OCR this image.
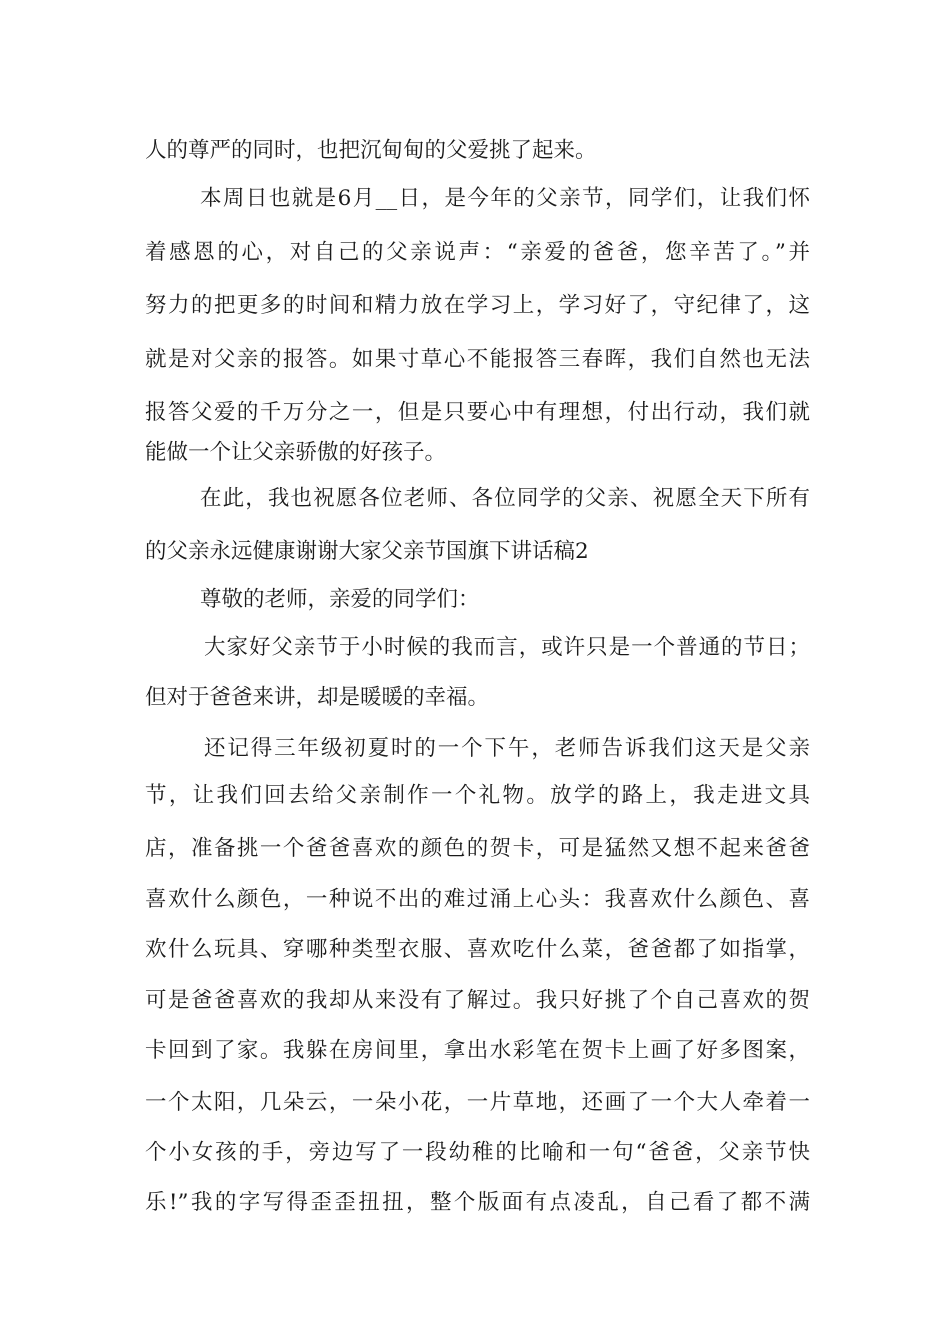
人的尊严的同时，也把沉甸甸的父爱挑了起来。
本周日也就是6月__日，是今年的父亲节，同学们，让我们怀
着感恩的心，对自己的父亲说声：“亲爱的爸爸，您辛苦了。”并
努力的把更多的时间和精力放在学习上，学习好了，守纪律了，这
就是对父亲的报答。如果寸草心不能报答三春晖，我们自然也无法
报答父爱的千万分之一，但是只要心中有理想，付出行动，我们就
能做一个让父亲骄傲的好孩子。
在此，我也祝愿各位老师、各位同学的父亲、祝愿全天下所有
的父亲永远健康谢谢大家父亲节国旗下讲话稿2
尊敬的老师，亲爱的同学们：
大家好父亲节于小时候的我而言，或许只是一个普通的节日；
但对于爸爸来讲，却是暖暖的幸福。
还记得三年级初夏时的一个下午，老师告诉我们这天是父亲
节，让我们回去给父亲制作一个礼物。放学的路上，我走进文具
店，准备挑一个爸爸喜欢的颜色的贺卡，可是猛然又想不起来爸爸
喜欢什么颜色，一种说不出的难过涌上心头：我喜欢什么颜色、喜
欢什么玩具、穿哪种类型衣服、喜欢吃什么菜，爸爸都了如指掌，
可是爸爸喜欢的我却从来没有了解过。我只好挑了个自己喜欢的贺
卡回到了家。我躲在房间里，拿出水彩笔在贺卡上画了好多图案，
一个太阳，几朵云，一朵小花，一片草地，还画了一个大人牵着一
个小女孩的手，旁边写了一段幼稚的比喻和一句“爸爸，父亲节快
乐!”我的字写得歪歪扭扭，整个版面有点凌乱，自己看了都不满
